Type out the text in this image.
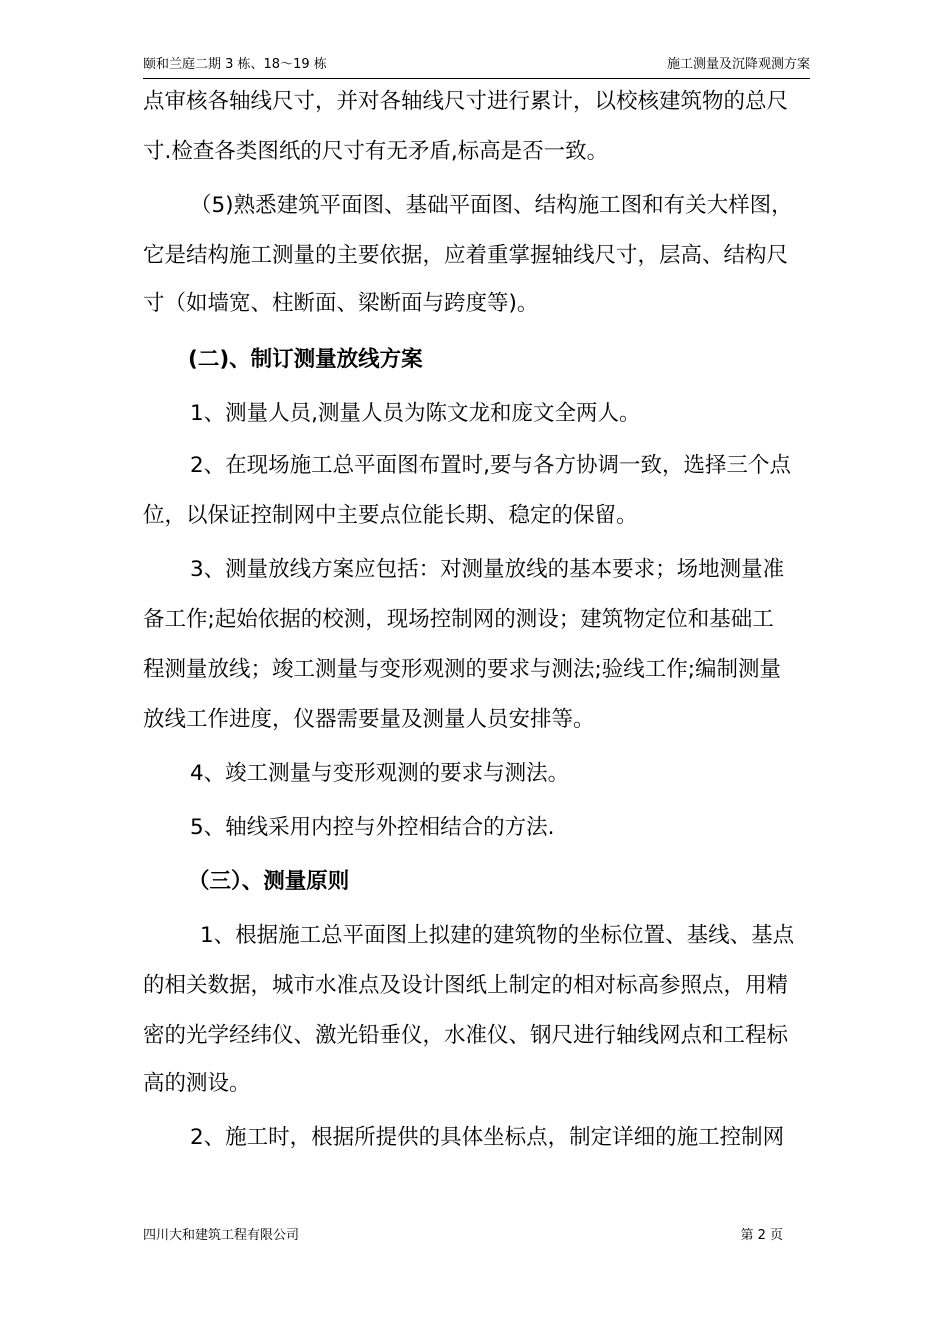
颐和兰庭二期 3 栋、18～19 栋	施工测量及沉降观测方案
点审核各轴线尺寸，并对各轴线尺寸进行累计，以校核建筑物的总尺
寸.检查各类图纸的尺寸有无矛盾,标高是否一致。
（5)熟悉建筑平面图、基础平面图、结构施工图和有关大样图，
它是结构施工测量的主要依据，应着重掌握轴线尺寸，层高、结构尺
寸（如墙宽、柱断面、梁断面与跨度等)。
(二)、制订测量放线方案
1、测量人员,测量人员为陈文龙和庞文全两人。
2、在现场施工总平面图布置时,要与各方协调一致，选择三个点
位，以保证控制网中主要点位能长期、稳定的保留。
3、测量放线方案应包括：对测量放线的基本要求；场地测量准
备工作;起始依据的校测，现场控制网的测设；建筑物定位和基础工
程测量放线；竣工测量与变形观测的要求与测法;验线工作;编制测量
放线工作进度，仪器需要量及测量人员安排等。
4、竣工测量与变形观测的要求与测法。
5、轴线采用内控与外控相结合的方法.
（三）、测量原则
1、根据施工总平面图上拟建的建筑物的坐标位置、基线、基点
的相关数据，城市水准点及设计图纸上制定的相对标高参照点，用精
密的光学经纬仪、激光铅垂仪，水准仪、钢尺进行轴线网点和工程标
高的测设。
2、施工时，根据所提供的具体坐标点，制定详细的施工控制网
四川大和建筑工程有限公司	第 2 页
